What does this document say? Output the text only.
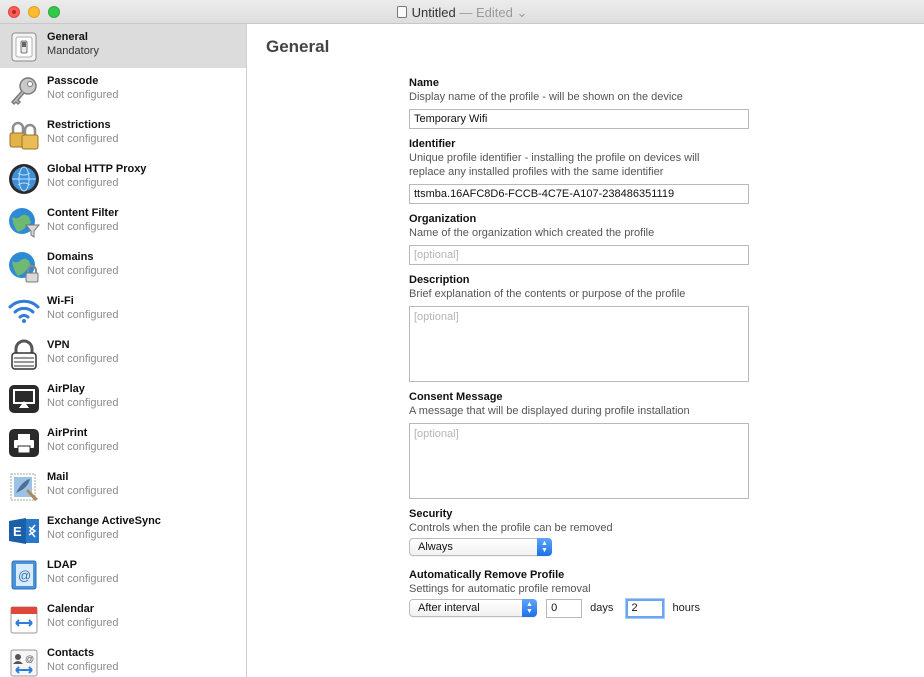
Untitled — Edited ⌄
General
Mandatory
Passcode
Not configured
Restrictions
Not configured
Global HTTP Proxy
Not configured
Content Filter
Not configured
Domains
Not configured
Wi-Fi
Not configured
VPN
Not configured
AirPlay
Not configured
AirPrint
Not configured
Mail
Not configured
E
Exchange ActiveSync
Not configured
@
LDAP
Not configured
Calendar
Not configured
@ Contacts
Not configured
General
Name
Display name of the profile - will be shown on the device
Temporary Wifi
Identifier
Unique profile identifier - installing the profile on devices will
replace any installed profiles with the same identifier
ttsmba.16AFC8D6-FCCB-4C7E-A107-238486351119
Organization
Name of the organization which created the profile
[optional]
Description
Brief explanation of the contents or purpose of the profile
[optional]
Consent Message
A message that will be displayed during profile installation
[optional]
Security
Controls when the profile can be removed
Always	▲
▼
Automatically Remove Profile
Settings for automatic profile removal
After interval	▲
▼	0	days 2	hours
